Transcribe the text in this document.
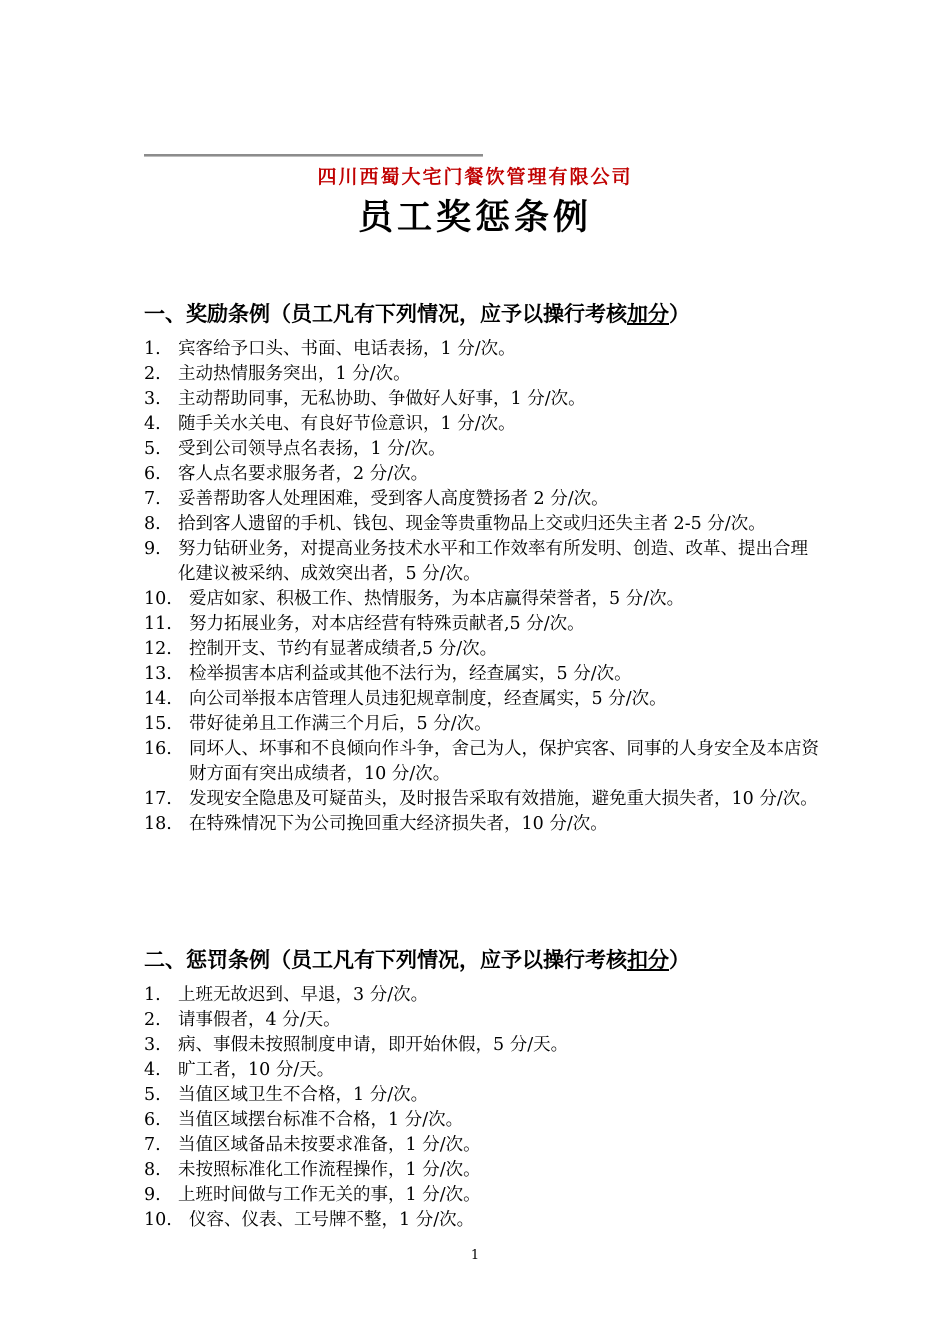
四川西蜀大宅门餐饮管理有限公司
员工奖惩条例
一、奖励条例（员工凡有下列情况，应予以操行考核加分）
1. 宾客给予口头、书面、电话表扬，1 分/次。
2. 主动热情服务突出，1 分/次。
3. 主动帮助同事，无私协助、争做好人好事，1 分/次。
4. 随手关水关电、有良好节俭意识，1 分/次。
5. 受到公司领导点名表扬，1 分/次。
6. 客人点名要求服务者，2 分/次。
7. 妥善帮助客人处理困难，受到客人高度赞扬者 2 分/次。
8. 拾到客人遗留的手机、钱包、现金等贵重物品上交或归还失主者 2-5 分/次。
9. 努力钻研业务，对提高业务技术水平和工作效率有所发明、创造、改革、提出合理化建议被采纳、成效突出者，5 分/次。
10. 爱店如家、积极工作、热情服务，为本店赢得荣誉者，5 分/次。
11. 努力拓展业务，对本店经营有特殊贡献者,5 分/次。
12. 控制开支、节约有显著成绩者,5 分/次。
13. 检举损害本店利益或其他不法行为，经查属实，5 分/次。
14. 向公司举报本店管理人员违犯规章制度，经查属实，5 分/次。
15. 带好徒弟且工作满三个月后，5 分/次。
16. 同坏人、坏事和不良倾向作斗争，舍己为人，保护宾客、同事的人身安全及本店资财方面有突出成绩者，10 分/次。
17. 发现安全隐患及可疑苗头，及时报告采取有效措施，避免重大损失者，10 分/次。
18. 在特殊情况下为公司挽回重大经济损失者，10 分/次。
二、惩罚条例（员工凡有下列情况，应予以操行考核扣分）
1. 上班无故迟到、早退，3 分/次。
2. 请事假者，4 分/天。
3. 病、事假未按照制度申请，即开始休假，5 分/天。
4. 旷工者，10 分/天。
5. 当值区域卫生不合格，1 分/次。
6. 当值区域摆台标准不合格，1 分/次。
7. 当值区域备品未按要求准备，1 分/次。
8. 未按照标准化工作流程操作，1 分/次。
9. 上班时间做与工作无关的事，1 分/次。
10. 仪容、仪表、工号牌不整，1 分/次。
1
